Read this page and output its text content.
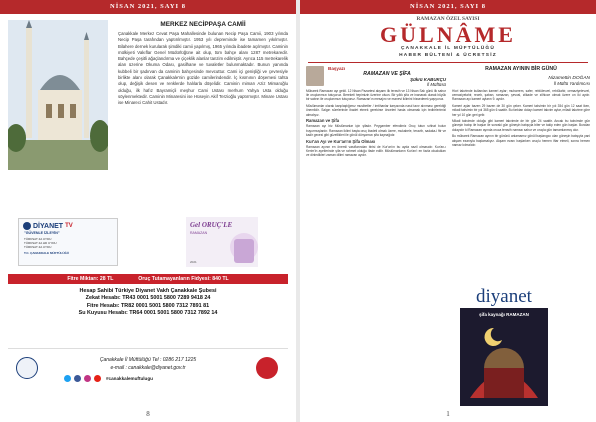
NİSAN 2021, SAYI 8
MERKEZ NECİPPAŞA CAMİİ

Çanakkale Merkez Cevat Paşa Mahallesinde bulunan Necip Paşa Camii, 1903 yılında Necip Paşa tarafından yaptırılmıştır. 1953 yılı depreminde ise tamamen yıkılmıştır. Bilahere dernek kurularak şimdiki camii yapılmış, 1965 yılında ibadete açılmıştır. Caminin mülkiyeti Vakıflar Genel Müdürlüğüne ait olup, tüm bahçe alanı 1287 metrekaredir. Bahçede çeşitli ağaçlandırma ve çiçeklik alanlar tanzim edilmiştir. Ayrıca 115 metrekarelik alan üzerine Okuma Odası, gasilhane ve tuvaletler bulunmaktadır. Bunun yanında kubbeli bir şadırvan da caminin bahçesinde mevcuttur. Cami içi genişliği ve çevresiyle birlikte alanı olarak Çanakkale'nin güzide camilerindendir. İç kısmının döşemesi tahta olup, değişik desen ve renklerde halılarla döşelidir. Caminin mimarı Aziz Mimaroğlu olduğu, ilk hafız Bayramiçli meşhur Cami Ustası merhum Yahya Usta olduğu söylenmektedir. Caminin Minaresini ise Hüseyin Akif Terzioğlu yaptırmıştır. Minare Ustası ise Minareci Cahit Ustadır.

DİYANET TV
"GÜVENLE İZLEYİN"
TÜRKSAT 4A UYDU
TÜRKSAT 4A HD UYDU
TÜRKSAT 4A UYDU
T.C. ÇANAKKALE MÜFTÜLÜĞÜ
Gel ORUÇ'LE
RAMAZAN
2021
Fitre Miktarı: 28 TL	Oruç Tutamayanların Fidyesi: 840 TL
Hesap Sahibi Türkiye Diyanet Vakfı Çanakkale Şubesi
Zekat Hesabı: TR43 0001 5001 5800 7289 9418 24
Fitre Hesabı: TR82 0001 5001 5800 7312 7891 81
Su Kuyusu Hesabı: TR64 0001 5001 5800 7312 7892 14
Çanakkale İl Müftülüğü Tel : 0286 217 1225
e-mail : canakkale@diyanet.gov.tr
#canakkalemuftulugu
8
NİSAN 2021, SAYI 8
RAMAZAN ÖZEL SAYISI
GÜLNÂME
ÇANAKKALE İL MÜFTÜLÜĞÜ
HABER BÜLTENİ & ÜCRETSİZ
Başyazı
RAMAZAN VE ŞİFA
Şükrü KABUKÇU
İl Müftüsü

Mübarek Ramazan ayı geldi. 12 Nisan Pazartesi akşamı ilk teravih ve 13 Nisan Salı günü ilk sahur ile oruçlarımızı tutuyoruz. Bereketi hepimizin üzerine olsun. Bir yıllık şifa ve inanarak olarak büyük bir sabrın ile oruçlarımızı tutuyoruz. Ramazan'ın mesajını ve manevi iklimini hissederek yaşıyoruz.

Müslümanlar olarak karşılaştığımız musibetler / imtihanlar karşısında nasıl tavır alınması gerektiği önemlidir. Salgın sürelerinde ibadet etmek gerekirse önceleri hasta olmamak için tedbirlerimizi almalıyız.

Ramazan ve Şifa

Ramazan ayı biz Müslümanlar için şifadır. Peygamber efendimiz Oruç tutun sıhhat bulun buyurmuşlardır. Ramazan iklimi başta oruç ibadeti olmak üzere, mukabele, teravih, sadaka-i fitr ve kadir gecesi gibi güzellikleri ile gönül dünyamızı şifa kaynağıdır.

Kur'an Ayı ve Kur'an'ın Şifa Olması

Ramazan ayının en önemli vasıflarından birisi de Kur'an'ın bu ayda nazil olmasıdır. Kur'an-ı Kerim'in ayetlerinde şifa ve rahmet olduğu ifade edilir. Müslümanların Kur'an'ı en fazla okudukları ve dinledikleri zaman dilimi ramazan ayıdır.

RAMAZAN AYININ BİR GÜNÜ
Nizamettin DOĞAN
İl Müftü Yardımcısı

Hicri takvimde kullanılan kameri aylar; muharrem, safer, rebiülevvel, rebiülahir, cemaziyelevvel, cemaziyelahir, receb, şaban, ramazan, şevval, zilkade ve zilhicce olmak üzere on iki aydır. Ramazan ayı kameri ayların 9. ayıdır.

Kameri aylar bazen 29 bazen de 30 gün çeker. Kameri takvimin bir yılı 354 gün 12 saat iken, miladi takvimin bir yılı 365 gün 6 saattir. Bu farktan dolayı kameri takvim aylar, miladi takvime göre her yıl 10 gün geri gelir.

Miladi takvimde olduğu gibi kameri takvimde de bir gün 24 saattir. Ancak bu takvimde gün güneşin batışı ile başlar ile sonraki gün güneşin batışıyla biter ve takip eden gün başlar. Bundan dolayıdır ki Ramazan ayında oruca teravih namazı sahur ve oruçla gün tamamlanmış olur.

Bu mübarek Ramazan ayının bir gününü anlamamız gönül başlangıcı olan güneşin batışıyla yani akşam ezanıyla başlamalıyız. Akşam ezanı başlarken oruçlu hemen iftar etmeli, sonra hemen namaz kılmalıdır.

diyanet
şifa kaynağı RAMAZAN
1
